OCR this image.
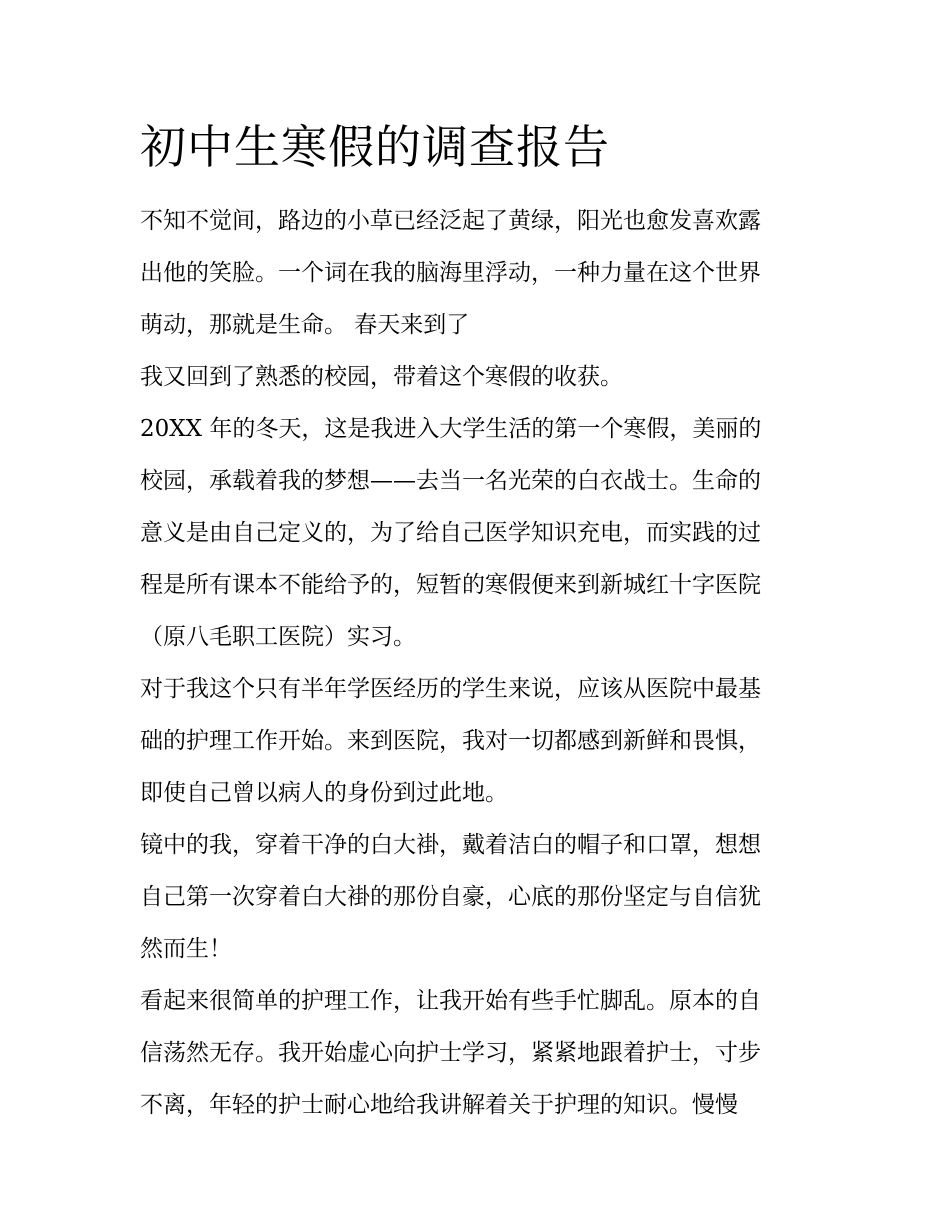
初中生寒假的调查报告

不知不觉间，路边的小草已经泛起了黄绿，阳光也愈发喜欢露
出他的笑脸。一个词在我的脑海里浮动，一种力量在这个世界
萌动，那就是生命。 春天来到了

我又回到了熟悉的校园，带着这个寒假的收获。

20XX 年的冬天，这是我进入大学生活的第一个寒假，美丽的
校园，承载着我的梦想——去当一名光荣的白衣战士。生命的
意义是由自己定义的，为了给自己医学知识充电，而实践的过
程是所有课本不能给予的，短暂的寒假便来到新城红十字医院
（原八毛职工医院）实习。

对于我这个只有半年学医经历的学生来说，应该从医院中最基
础的护理工作开始。来到医院，我对一切都感到新鲜和畏惧，
即使自己曾以病人的身份到过此地。

镜中的我，穿着干净的白大褂，戴着洁白的帽子和口罩，想想
自己第一次穿着白大褂的那份自豪，心底的那份坚定与自信犹
然而生！

看起来很简单的护理工作，让我开始有些手忙脚乱。原本的自
信荡然无存。我开始虚心向护士学习，紧紧地跟着护士，寸步
不离，年轻的护士耐心地给我讲解着关于护理的知识。慢慢
